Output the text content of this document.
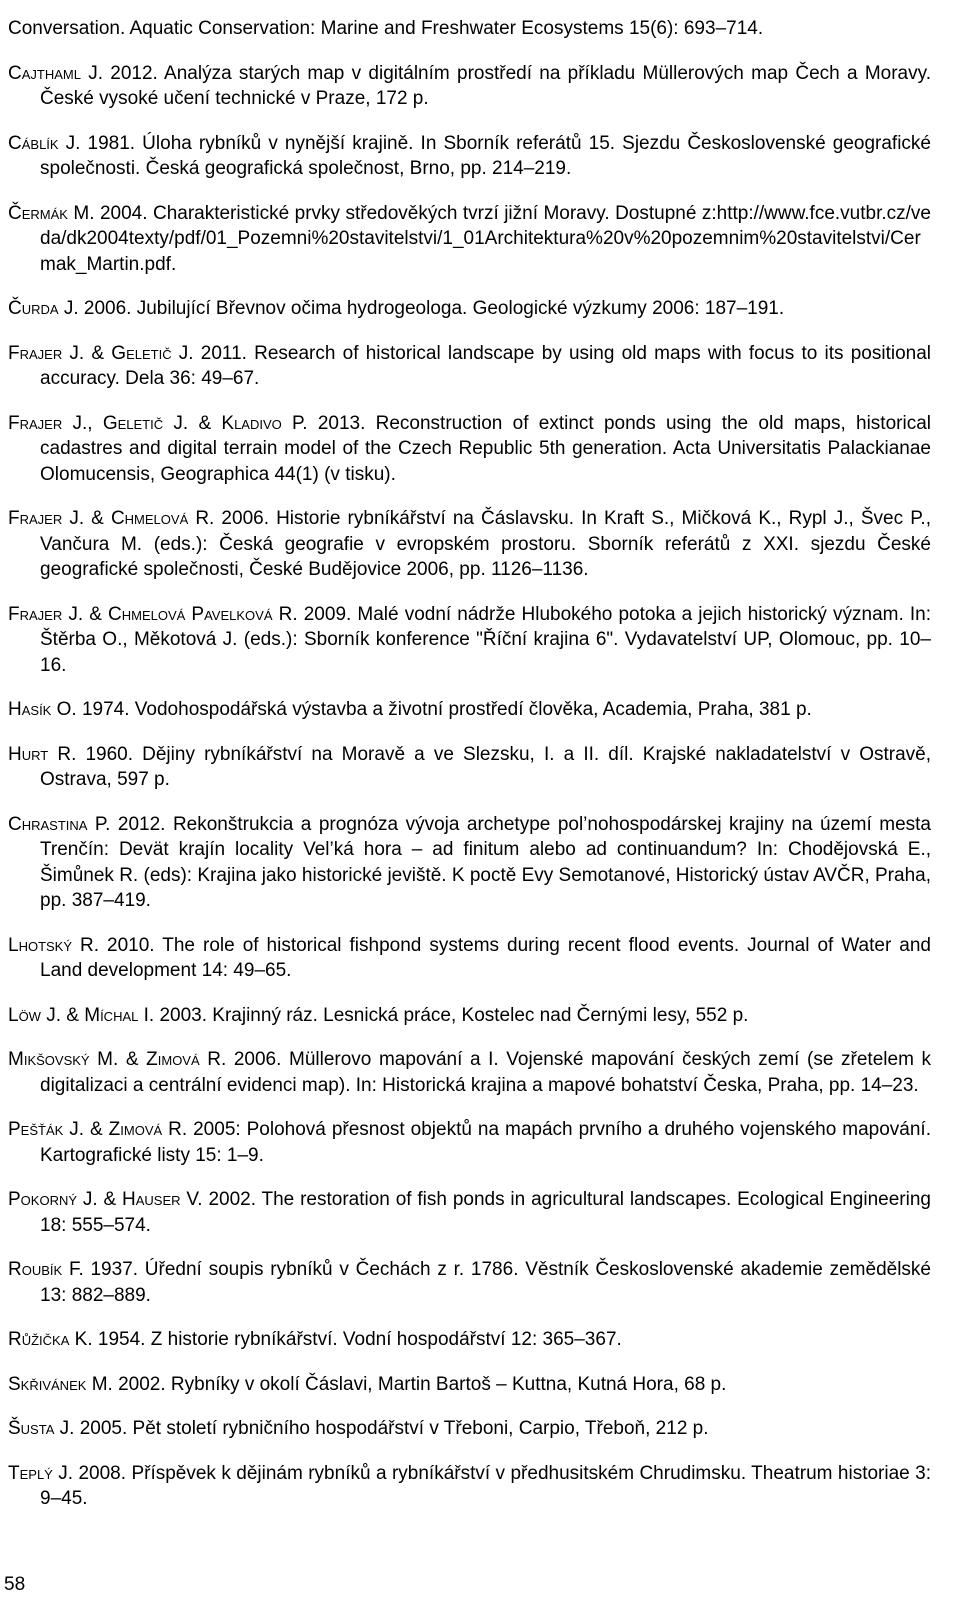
Conversation. Aquatic Conservation: Marine and Freshwater Ecosystems 15(6): 693–714.

Cajthaml J. 2012. Analýza starých map v digitálním prostředí na příkladu Müllerových map Čech a Moravy. České vysoké učení technické v Praze, 172 p.

Cáblík J. 1981. Úloha rybníků v nynější krajině. In Sborník referátů 15. Sjezdu Československé geografické společnosti. Česká geografická společnost, Brno, pp. 214–219.

Čermák M. 2004. Charakteristické prvky středověkých tvrzí jižní Moravy. Dostupné z:http://www.fce.vutbr.cz/veda/dk2004texty/pdf/01_Pozemni%20stavitelstvi/1_01Architektura%20v%20pozemnim%20stavitelstvi/Cermak_Martin.pdf.

Čurda J. 2006. Jubilující Břevnov očima hydrogeologa. Geologické výzkumy 2006: 187–191.

Frajer J. & Geletič J. 2011. Research of historical landscape by using old maps with focus to its positional accuracy. Dela 36: 49–67.

Frajer J., Geletič J. & Kladivo P. 2013. Reconstruction of extinct ponds using the old maps, historical cadastres and digital terrain model of the Czech Republic 5th generation. Acta Universitatis Palackianae Olomucensis, Geographica 44(1) (v tisku).

Frajer J. & Chmelová R. 2006. Historie rybníkářství na Čáslavsku. In Kraft S., Mičková K., Rypl J., Švec P., Vančura M. (eds.): Česká geografie v evropském prostoru. Sborník referátů z XXI. sjezdu České geografické společnosti, České Budějovice 2006, pp. 1126–1136.

Frajer J. & Chmelová Pavelková R. 2009. Malé vodní nádrže Hlubokého potoka a jejich historický význam. In: Štěrba O., Měkotová J. (eds.): Sborník konference "Říční krajina 6". Vydavatelství UP, Olomouc, pp. 10–16.

Hasík O. 1974. Vodohospodářská výstavba a životní prostředí člověka, Academia, Praha, 381 p.

Hurt R. 1960. Dějiny rybníkářství na Moravě a ve Slezsku, I. a II. díl. Krajské nakladatelství v Ostravě, Ostrava, 597 p.

Chrastina P. 2012. Rekonštrukcia a prognóza vývoja archetype pol’nohospodárskej krajiny na území mesta Trenčín: Devät krajín locality Vel’ká hora – ad finitum alebo ad continuandum? In: Choděјovská E., Šimůnek R. (eds): Krajina jako historické jeviště. K poctě Evy Semotanové, Historický ústav AVČR, Praha, pp. 387–419.

Lhotský R. 2010. The role of historical fishpond systems during recent flood events. Journal of Water and Land development 14: 49–65.

Löw J. & Míchal I. 2003. Krajinný ráz. Lesnická práce, Kostelec nad Černými lesy, 552 p.

Mikšovský M. & Zimová R. 2006. Müllerovo mapování a I. Vojenské mapování českých zemí (se zřetelem k digitalizaci a centrální evidenci map). In: Historická krajina a mapové bohatství Česka, Praha, pp. 14–23.

Pešťák J. & Zimová R. 2005: Polohová přesnost objektů na mapách prvního a druhého vojenského mapování. Kartografické listy 15: 1–9.

Pokorný J. & Hauser V. 2002. The restoration of fish ponds in agricultural landscapes. Ecological Engineering 18: 555–574.

Roubík F. 1937. Úřední soupis rybníků v Čechách z r. 1786. Věstník Československé akademie zemědělské 13: 882–889.

Růžička K. 1954. Z historie rybníkářství. Vodní hospodářství 12: 365–367.

Skřivánek M. 2002. Rybníky v okolí Čáslavi, Martin Bartoš – Kuttna, Kutná Hora, 68 p.

Šusta J. 2005. Pět století rybničního hospodářství v Třeboni, Carpio, Třeboň, 212 p.

Teplý J. 2008. Příspěvek k dějinám rybníků a rybníkářství v předhusitském Chrudimsku. Theatrum historiae 3: 9–45.

58
